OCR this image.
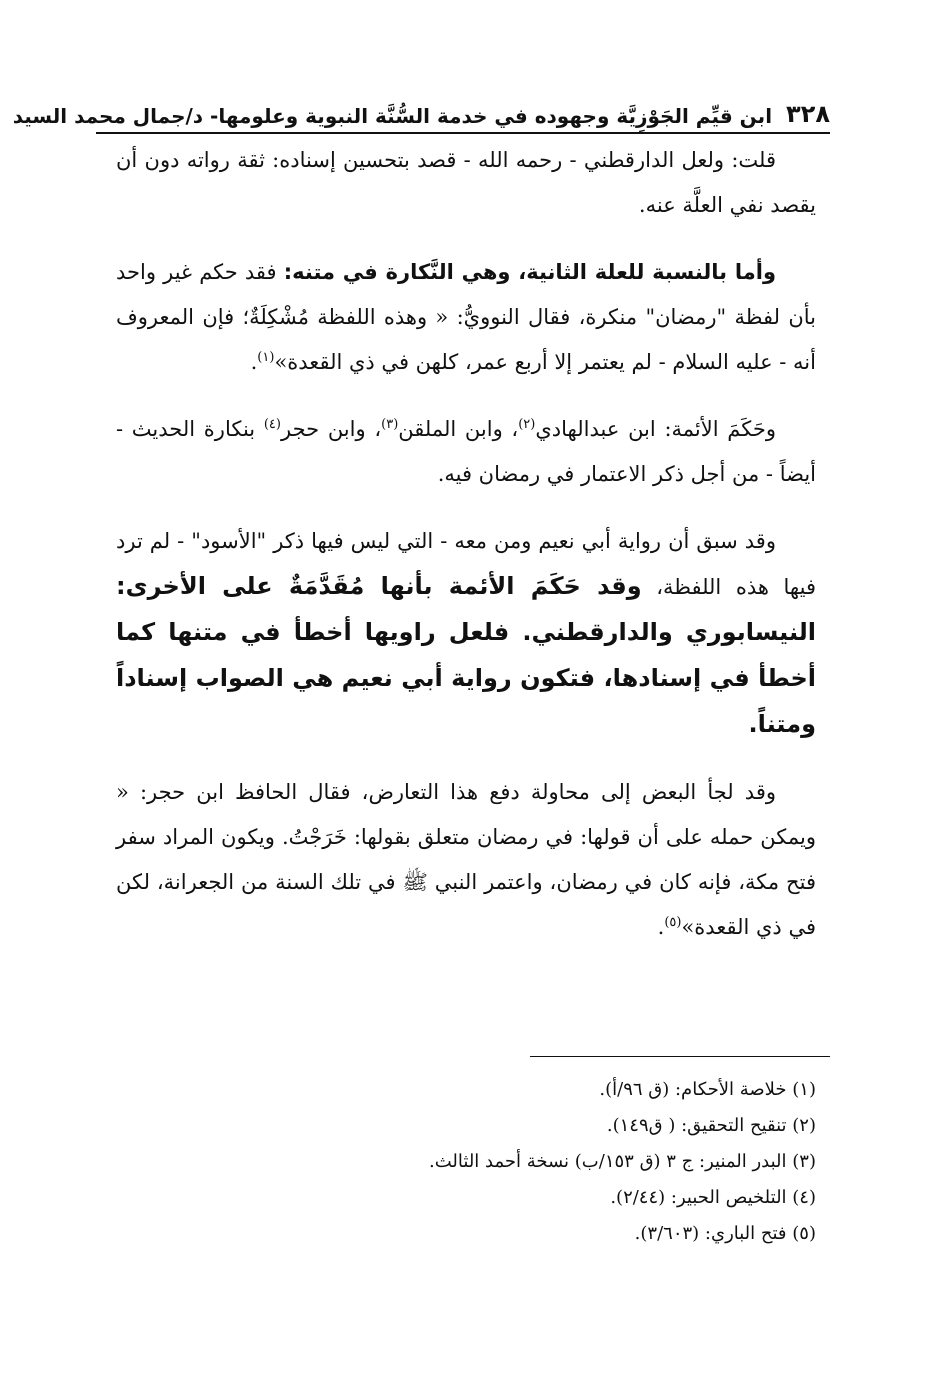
٣٢٨
ابن قيِّم الجَوْزِيَّة وجهوده في خدمة السُّنَّة النبوية وعلومها- د/جمال محمد السيد

قلت: ولعل الدارقطني - رحمه الله - قصد بتحسين إسناده: ثقة رواته دون أن يقصد نفي العلَّة عنه.

وأما بالنسبة للعلة الثانية، وهي النَّكارة في متنه: فقد حكم غير واحد بأن لفظة "رمضان" منكرة، فقال النوويُّ: « وهذه اللفظة مُشْكِلَةٌ؛ فإن المعروف أنه - عليه السلام - لم يعتمر إلا أربع عمر، كلهن في ذي القعدة»$^{(١)}$.

وحَكَمَ الأئمة: ابن عبدالهادي$^{(٢)}$، وابن الملقن$^{(٣)}$، وابن حجر$^{(٤)}$ بنكارة الحديث - أيضاً - من أجل ذكر الاعتمار في رمضان فيه.

وقد سبق أن رواية أبي نعيم ومن معه - التي ليس فيها ذكر "الأسود" - لم ترد فيها هذه اللفظة، وقد حَكَمَ الأئمة بأنها مُقَدَّمَةٌ على الأخرى: النيسابوري والدارقطني. فلعل راويها أخطأ في متنها كما أخطأ في إسنادها، فتكون رواية أبي نعيم هي الصواب إسناداً ومتناً.

وقد لجأ البعض إلى محاولة دفع هذا التعارض، فقال الحافظ ابن حجر: « ويمكن حمله على أن قولها: في رمضان متعلق بقولها: خَرَجْتُ. ويكون المراد سفر فتح مكة، فإنه كان في رمضان، واعتمر النبي ﷺ في تلك السنة من الجعرانة، لكن في ذي القعدة»$^{(٥)}$.

(١) خلاصة الأحكام: (ق ٩٦/أ).
(٢) تنقيح التحقيق: ( ق١٤٩).
(٣) البدر المنير: ج ٣ (ق ١٥٣/ب) نسخة أحمد الثالث.
(٤) التلخيص الحبير: (٢/٤٤).
(٥) فتح الباري: (٣/٦٠٣).
